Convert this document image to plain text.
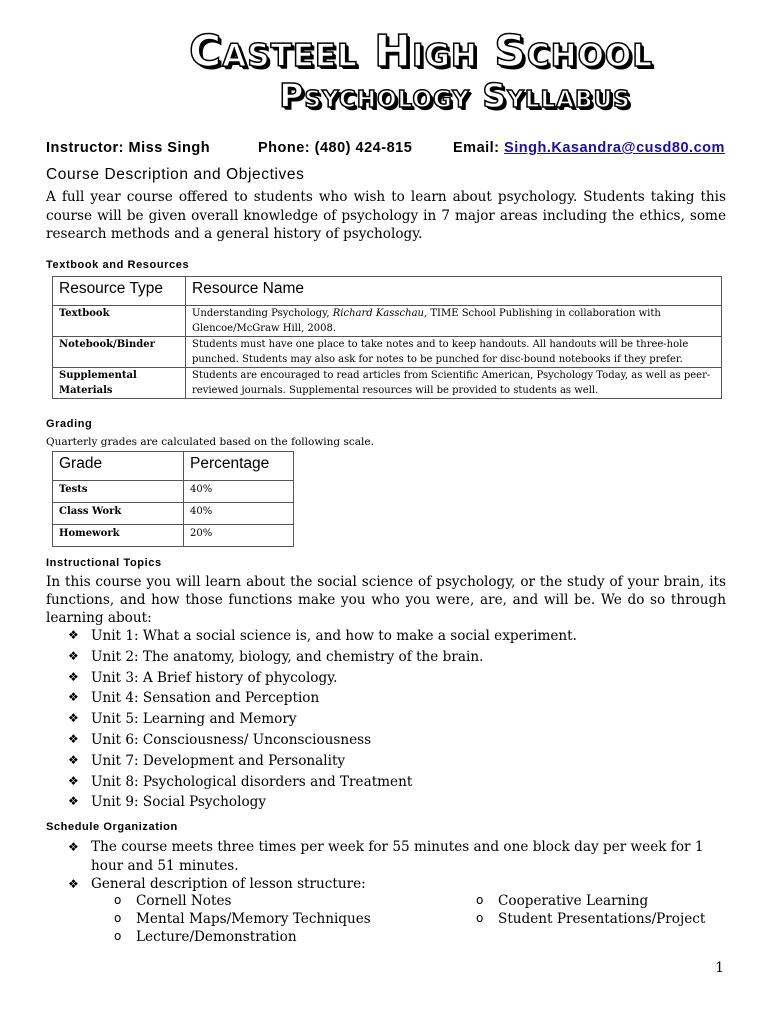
Casteel High School
Psychology Syllabus
Instructor: Miss Singh	Phone: (480) 424-815	Email: Singh.Kasandra@cusd80.com
Course Description and Objectives
A full year course offered to students who wish to learn about psychology. Students taking this course will be given overall knowledge of psychology in 7 major areas including the ethics, some research methods and a general history of psychology.
Textbook and Resources
Resource Type	Resource Name
Textbook	Understanding Psychology, Richard Kasschau, TIME School Publishing in collaboration with Glencoe/McGraw Hill, 2008.
Notebook/Binder	Students must have one place to take notes and to keep handouts. All handouts will be three-hole punched. Students may also ask for notes to be punched for disc-bound notebooks if they prefer.
Supplemental Materials	Students are encouraged to read articles from Scientific American, Psychology Today, as well as peer-reviewed journals. Supplemental resources will be provided to students as well.
Grading
Quarterly grades are calculated based on the following scale.
Grade	Percentage
Tests	40%
Class Work	40%
Homework	20%
Instructional Topics
In this course you will learn about the social science of psychology, or the study of your brain, its functions, and how those functions make you who you were, are, and will be. We do so through learning about:
❖ Unit 1: What a social science is, and how to make a social experiment.
❖ Unit 2: The anatomy, biology, and chemistry of the brain.
❖ Unit 3: A Brief history of phycology.
❖ Unit 4: Sensation and Perception
❖ Unit 5: Learning and Memory
❖ Unit 6: Consciousness/ Unconsciousness
❖ Unit 7: Development and Personality
❖ Unit 8: Psychological disorders and Treatment
❖ Unit 9: Social Psychology
Schedule Organization
❖ The course meets three times per week for 55 minutes and one block day per week for 1 hour and 51 minutes.
❖ General description of lesson structure:
o Cornell Notes
o Mental Maps/Memory Techniques
o Lecture/Demonstration
o Cooperative Learning
o Student Presentations/Project
1
